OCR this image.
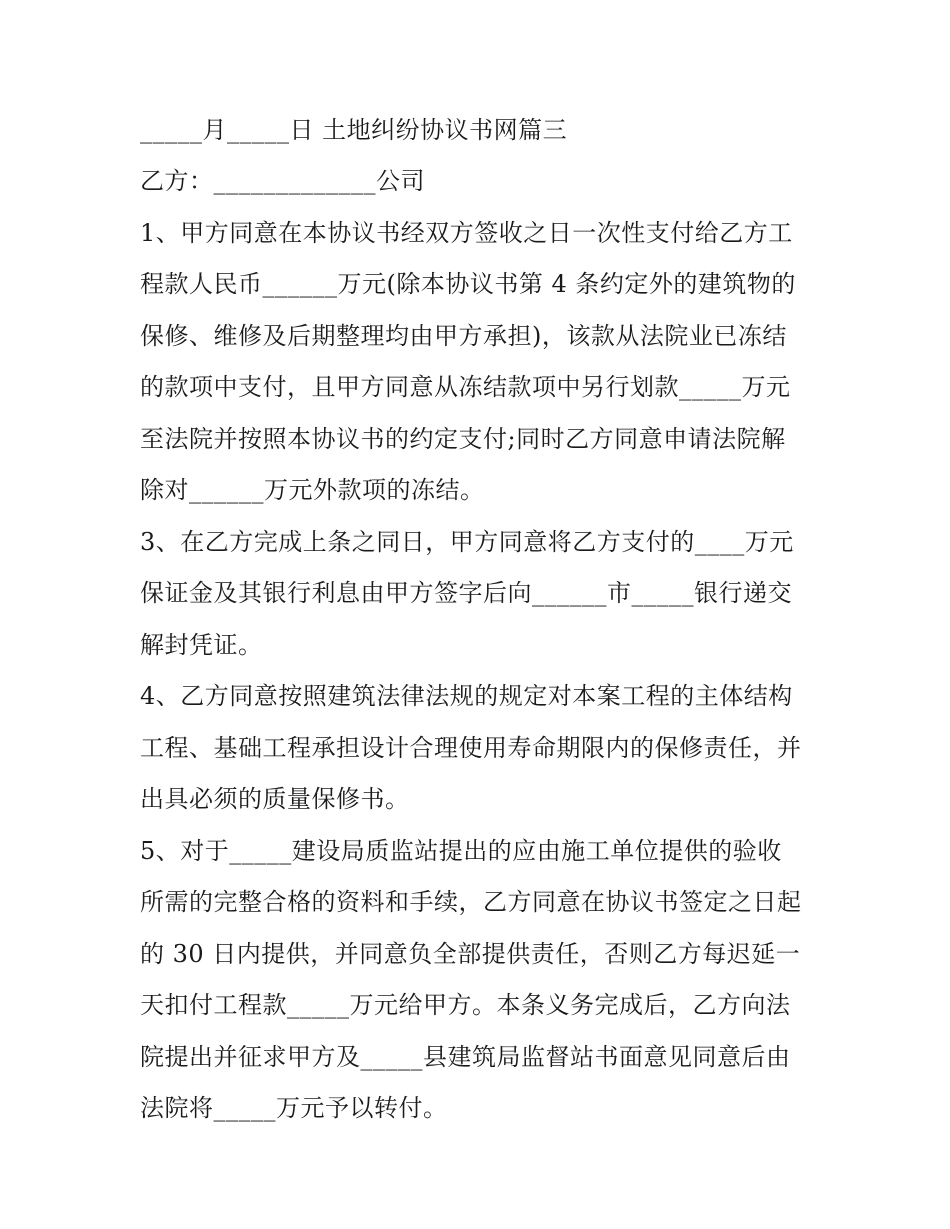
_____月_____日 土地纠纷协议书网篇三
乙方：_____________公司
1、甲方同意在本协议书经双方签收之日一次性支付给乙方工
程款人民币______万元(除本协议书第 4 条约定外的建筑物的
保修、维修及后期整理均由甲方承担)，该款从法院业已冻结
的款项中支付，且甲方同意从冻结款项中另行划款_____万元
至法院并按照本协议书的约定支付;同时乙方同意申请法院解
除对______万元外款项的冻结。
3、在乙方完成上条之同日，甲方同意将乙方支付的____万元
保证金及其银行利息由甲方签字后向______市_____银行递交
解封凭证。
4、乙方同意按照建筑法律法规的规定对本案工程的主体结构
工程、基础工程承担设计合理使用寿命期限内的保修责任，并
出具必须的质量保修书。
5、对于_____建设局质监站提出的应由施工单位提供的验收
所需的完整合格的资料和手续，乙方同意在协议书签定之日起
的 30 日内提供，并同意负全部提供责任，否则乙方每迟延一
天扣付工程款_____万元给甲方。本条义务完成后，乙方向法
院提出并征求甲方及_____县建筑局监督站书面意见同意后由
法院将_____万元予以转付。
